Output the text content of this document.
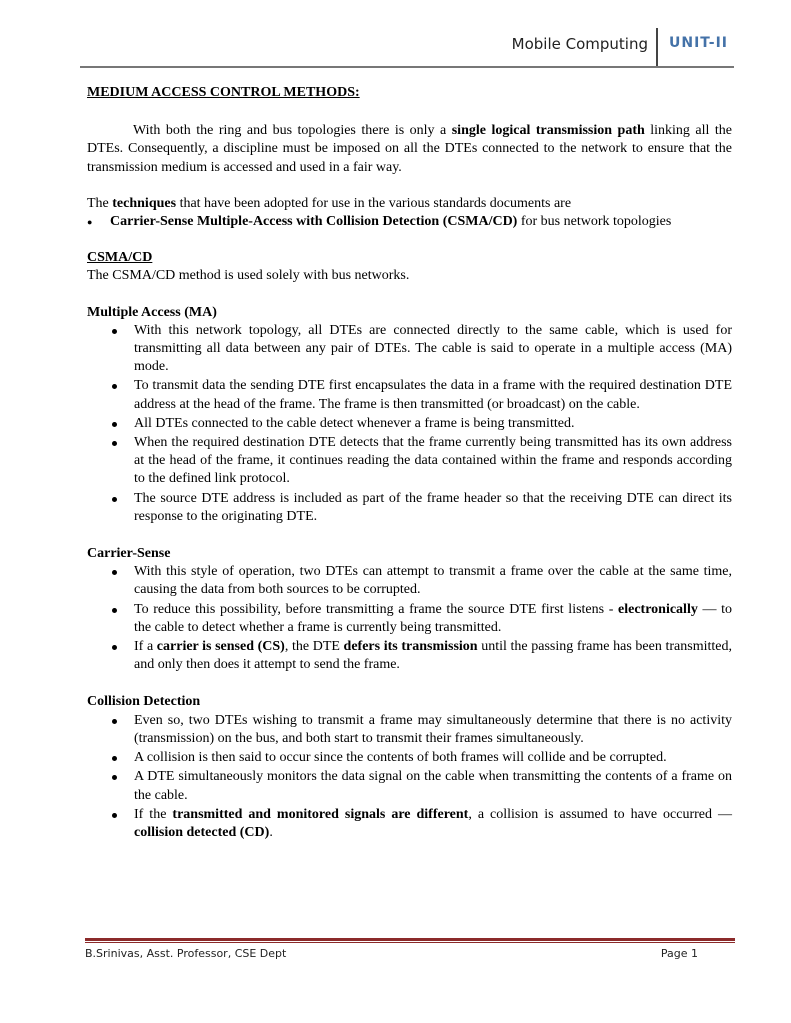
Mobile Computing UNIT-II

MEDIUM ACCESS CONTROL METHODS:

With both the ring and bus topologies there is only a single logical transmission path linking all the DTEs. Consequently, a discipline must be imposed on all the DTEs connected to the network to ensure that the transmission medium is accessed and used in a fair way.

The techniques that have been adopted for use in the various standards documents are

● Carrier-Sense Multiple-Access with Collision Detection (CSMA/CD) for bus network topologies

CSMA/CD

The CSMA/CD method is used solely with bus networks.

Multiple Access (MA)

With this network topology, all DTEs are connected directly to the same cable, which is used for transmitting all data between any pair of DTEs. The cable is said to operate in a multiple access (MA) mode.
To transmit data the sending DTE first encapsulates the data in a frame with the required destination DTE address at the head of the frame. The frame is then transmitted (or broadcast) on the cable.
All DTEs connected to the cable detect whenever a frame is being transmitted.
When the required destination DTE detects that the frame currently being transmitted has its own address at the head of the frame, it continues reading the data contained within the frame and responds according to the defined link protocol.
The source DTE address is included as part of the frame header so that the receiving DTE can direct its response to the originating DTE.

Carrier-Sense

With this style of operation, two DTEs can attempt to transmit a frame over the cable at the same time, causing the data from both sources to be corrupted.
To reduce this possibility, before transmitting a frame the source DTE first listens - electronically — to the cable to detect whether a frame is currently being transmitted.
If a carrier is sensed (CS), the DTE defers its transmission until the passing frame has been transmitted, and only then does it attempt to send the frame.

Collision Detection

Even so, two DTEs wishing to transmit a frame may simultaneously determine that there is no activity (transmission) on the bus, and both start to transmit their frames simultaneously.
A collision is then said to occur since the contents of both frames will collide and be corrupted.
A DTE simultaneously monitors the data signal on the cable when transmitting the contents of a frame on the cable.
If the transmitted and monitored signals are different, a collision is assumed to have occurred — collision detected (CD).
B.Srinivas, Asst. Professor, CSE Dept	Page 1
